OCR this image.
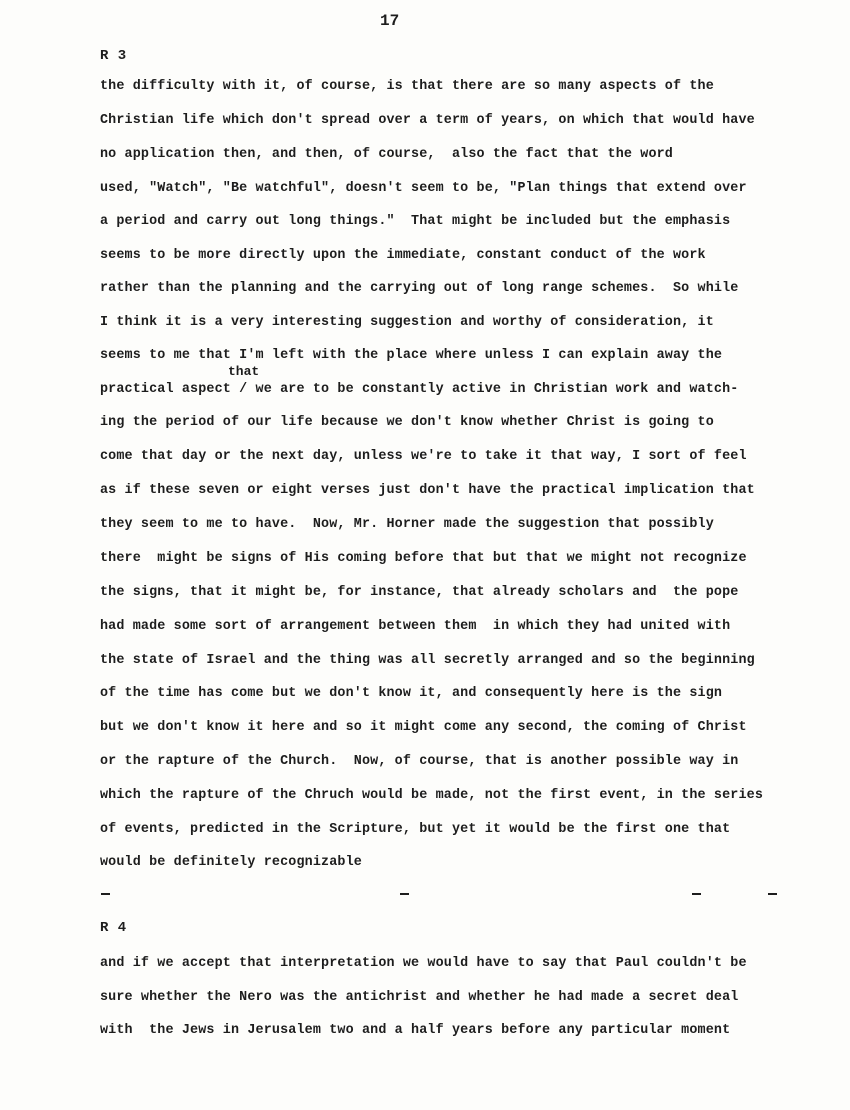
17
R 3
the difficulty with it, of course, is that there are so many aspects of the
Christian life which don't spread over a term of years, on which that would have
no application then, and then, of course,  also the fact that the word
used, "Watch", "Be watchful", doesn't seem to be, "Plan things that extend over
a period and carry out long things."  That might be included but the emphasis
seems to be more directly upon the immediate, constant conduct of the work
rather than the planning and the carrying out of long range schemes.  So while
I think it is a very interesting suggestion and worthy of consideration, it
seems to me that I'm left with the place where unless I can explain away the
that
practical aspect / we are to be constantly active in Christian work and watch-
ing the period of our life because we don't know whether Christ is going to
come that day or the next day, unless we're to take it that way, I sort of feel
as if these seven or eight verses just don't have the practical implication that
they seem to me to have.  Now, Mr. Horner made the suggestion that possibly
there  might be signs of His coming before that but that we might not recognize
the signs, that it might be, for instance, that already scholars and  the pope
had made some sort of arrangement between them  in which they had united with
the state of Israel and the thing was all secretly arranged and so the beginning
of the time has come but we don't know it, and consequently here is the sign
but we don't know it here and so it might come any second, the coming of Christ
or the rapture of the Church.  Now, of course, that is another possible way in
which the rapture of the Chruch would be made, not the first event, in the series
of events, predicted in the Scripture, but yet it would be the first one that
would be definitely recognizable
R 4
and if we accept that interpretation we would have to say that Paul couldn't be
sure whether the Nero was the antichrist and whether he had made a secret deal
with  the Jews in Jerusalem two and a half years before any particular moment
